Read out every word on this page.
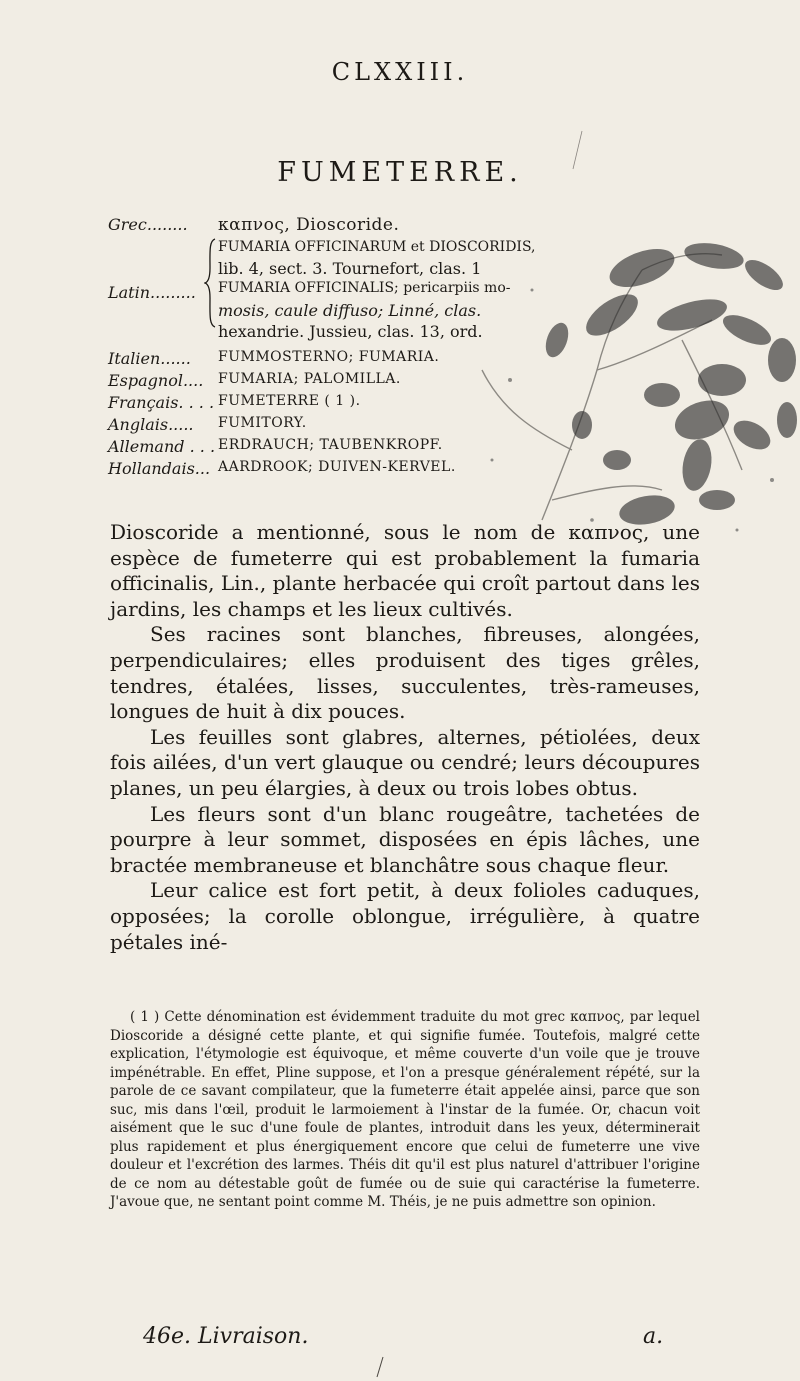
CLXXIII.
FUMETERRE.
Grec........	καπνος, Dioscoride.
Latin.........
FUMARIA OFFICINARUM et DIOSCORIDIS,
lib. 4, sect. 3. Tournefort, clas. 1
FUMARIA OFFICINALIS; pericarpiis mo-
mosis, caule diffuso; Linné, clas.
hexandrie. Jussieu, clas. 13, ord.
Italien......	FUMMOSTERNO; FUMARIA.
Espagnol.... FUMARIA; PALOMILLA.
Français. . . . FUMETERRE ( 1 ).
Anglais.....	FUMITORY.
Allemand . . . ERDRAUCH; TAUBENKROPF.
Hollandais... AARDROOK; DUIVEN-KERVEL.

Dioscoride a mentionné, sous le nom de καπνος, une espèce de fumeterre qui est probablement la fumaria officinalis, Lin., plante herbacée qui croît partout dans les jardins, les champs et les lieux cultivés.

Ses racines sont blanches, fibreuses, alongées, perpendiculaires; elles produisent des tiges grêles, tendres, étalées, lisses, succulentes, très-rameuses, longues de huit à dix pouces.

Les feuilles sont glabres, alternes, pétiolées, deux fois ailées, d'un vert glauque ou cendré; leurs découpures planes, un peu élargies, à deux ou trois lobes obtus.

Les fleurs sont d'un blanc rougeâtre, tachetées de pourpre à leur sommet, disposées en épis lâches, une bractée membraneuse et blanchâtre sous chaque fleur.

Leur calice est fort petit, à deux folioles caduques, opposées; la corolle oblongue, irrégulière, à quatre pétales iné-

( 1 ) Cette dénomination est évidemment traduite du mot grec καπνος, par lequel Dioscoride a désigné cette plante, et qui signifie fumée. Toutefois, malgré cette explication, l'étymologie est équivoque, et même couverte d'un voile que je trouve impénétrable. En effet, Pline suppose, et l'on a presque généralement répété, sur la parole de ce savant compilateur, que la fumeterre était appelée ainsi, parce que son suc, mis dans l'œil, produit le larmoiement à l'instar de la fumée. Or, chacun voit aisément que le suc d'une foule de plantes, introduit dans les yeux, déterminerait plus rapidement et plus énergiquement encore que celui de fumeterre une vive douleur et l'excrétion des larmes. Théis dit qu'il est plus naturel d'attribuer l'origine de ce nom au détestable goût de fumée ou de suie qui caractérise la fumeterre. J'avoue que, ne sentant point comme M. Théis, je ne puis admettre son opinion.

46e. Livraison.	a.
